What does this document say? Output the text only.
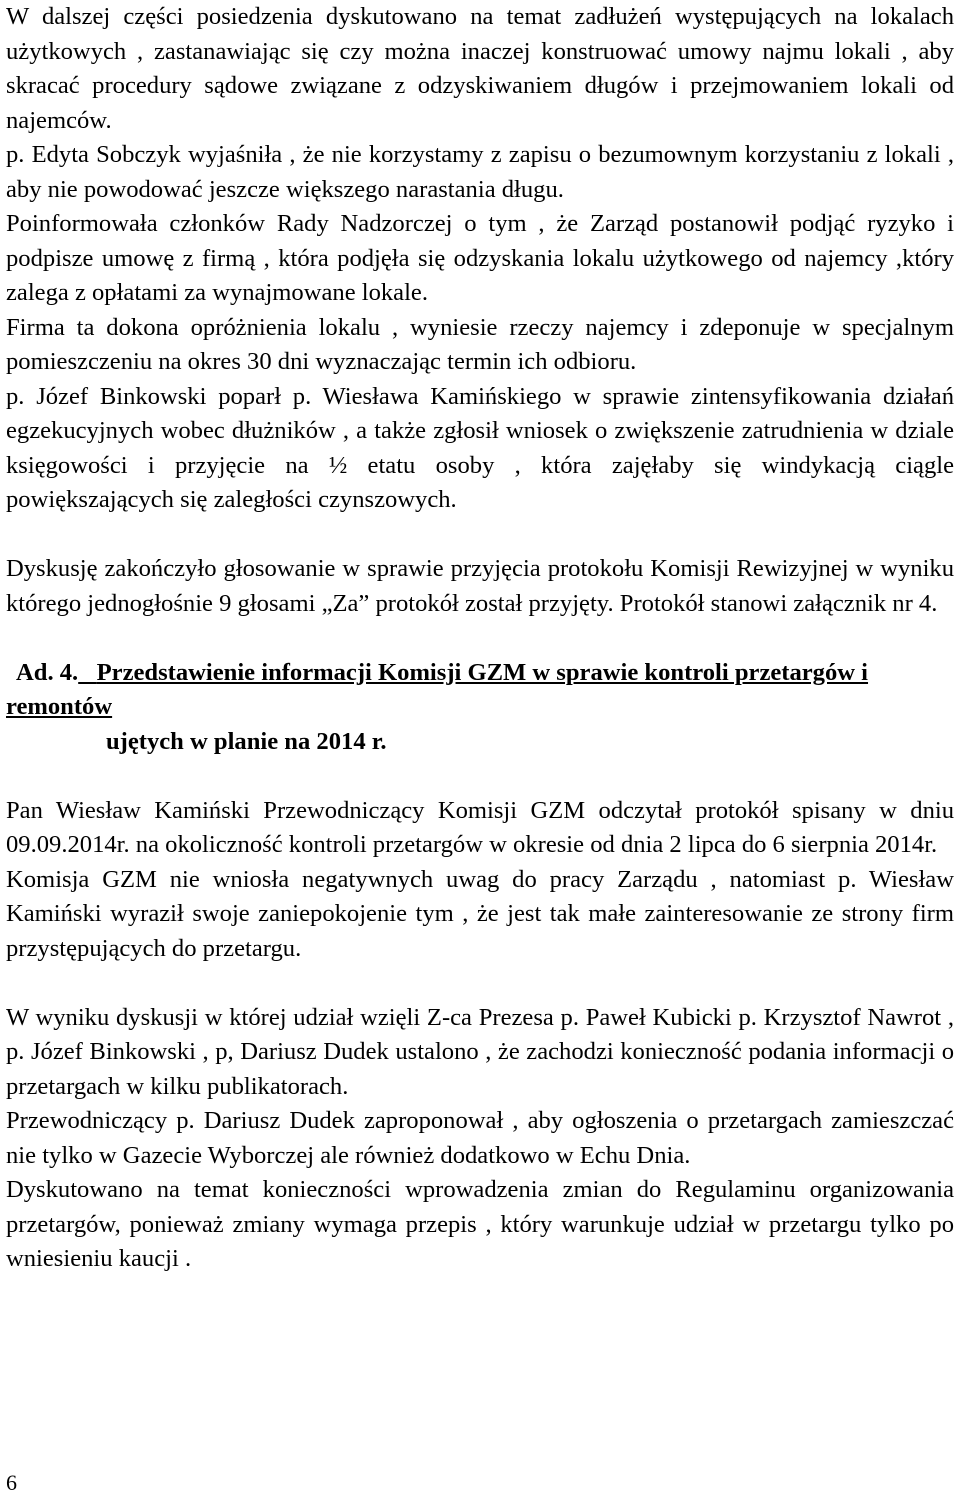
W dalszej części posiedzenia dyskutowano na temat zadłużeń występujących na lokalach użytkowych , zastanawiając się czy można inaczej konstruować umowy najmu lokali , aby skracać procedury sądowe związane z odzyskiwaniem długów i przejmowaniem lokali od najemców.

p. Edyta Sobczyk wyjaśniła , że nie korzystamy z zapisu o bezumownym korzystaniu z lokali , aby nie powodować jeszcze większego narastania długu.

Poinformowała członków Rady Nadzorczej o tym , że Zarząd postanowił podjąć ryzyko i podpisze umowę z firmą , która podjęła się odzyskania lokalu użytkowego od najemcy ,który zalega z opłatami za wynajmowane lokale.

Firma ta dokona opróżnienia lokalu , wyniesie rzeczy najemcy i zdeponuje w specjalnym pomieszczeniu na okres 30 dni wyznaczając termin ich odbioru.

p. Józef Binkowski poparł p. Wiesława Kamińskiego w sprawie zintensyfikowania działań egzekucyjnych wobec dłużników , a także zgłosił wniosek o zwiększenie zatrudnienia w dziale księgowości i przyjęcie na ½ etatu osoby , która zajęłaby się windykacją ciągle powiększających się zaległości czynszowych.

Dyskusję zakończyło głosowanie w sprawie przyjęcia protokołu Komisji Rewizyjnej w wyniku którego jednogłośnie 9 głosami „Za” protokół został przyjęty. Protokół stanowi załącznik nr 4.

Ad. 4. Przedstawienie informacji Komisji GZM w sprawie kontroli przetargów i remontów

ujętych w planie na 2014 r.

Pan Wiesław Kamiński Przewodniczący Komisji GZM odczytał protokół spisany w dniu 09.09.2014r. na okoliczność kontroli przetargów w okresie od dnia 2 lipca do 6 sierpnia 2014r.

Komisja GZM nie wniosła negatywnych uwag do pracy Zarządu , natomiast p. Wiesław Kamiński wyraził swoje zaniepokojenie tym , że jest tak małe zainteresowanie ze strony firm przystępujących do przetargu.

W wyniku dyskusji w której udział wzięli Z-ca Prezesa p. Paweł Kubicki p. Krzysztof Nawrot , p. Józef Binkowski , p, Dariusz Dudek ustalono , że zachodzi konieczność podania informacji o przetargach w kilku publikatorach.

Przewodniczący p. Dariusz Dudek zaproponował , aby ogłoszenia o przetargach zamieszczać nie tylko w Gazecie Wyborczej ale również dodatkowo w Echu Dnia.

Dyskutowano na temat konieczności wprowadzenia zmian do Regulaminu organizowania przetargów, ponieważ zmiany wymaga przepis , który warunkuje udział w przetargu tylko po wniesieniu kaucji .

6
